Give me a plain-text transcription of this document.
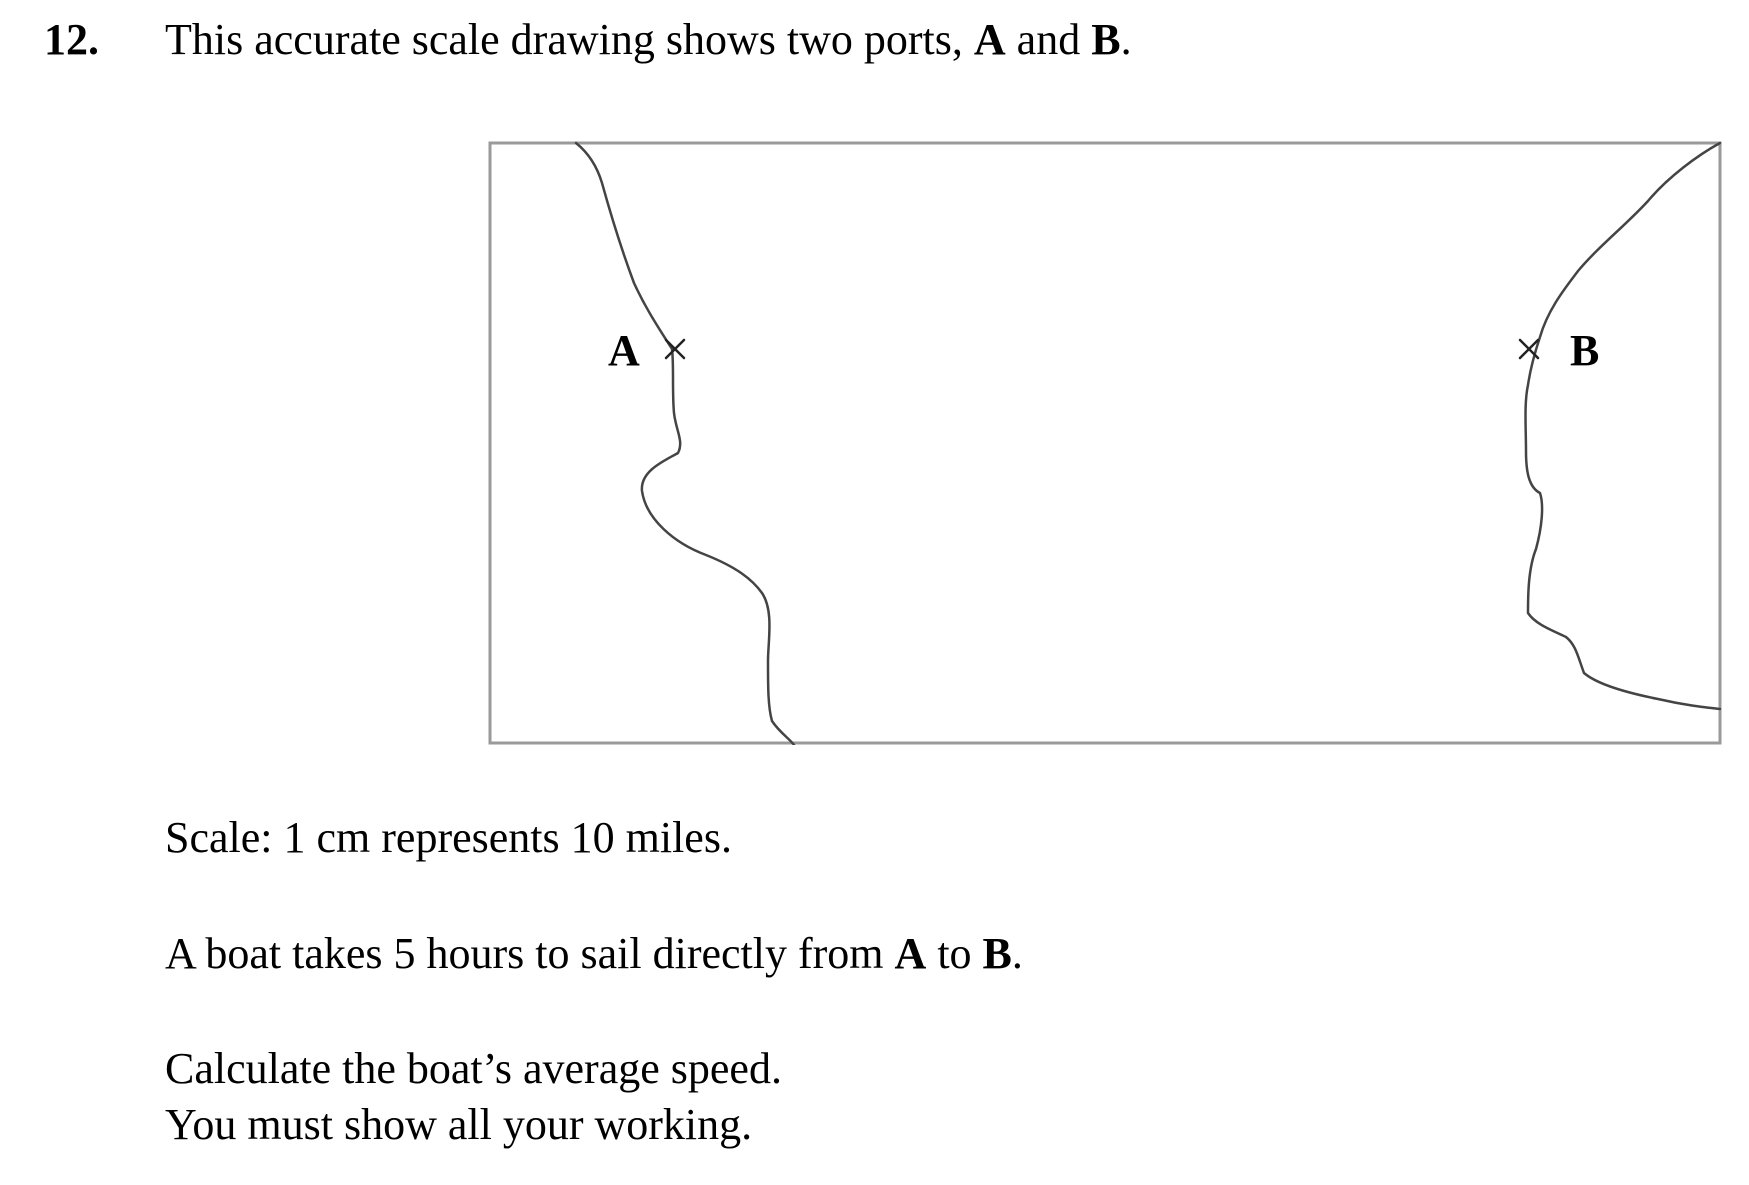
12. This accurate scale drawing shows two ports, A and B.
A	B
Scale: 1 cm represents 10 miles.
A boat takes 5 hours to sail directly from A to B.
Calculate the boat’s average speed.
You must show all your working.
